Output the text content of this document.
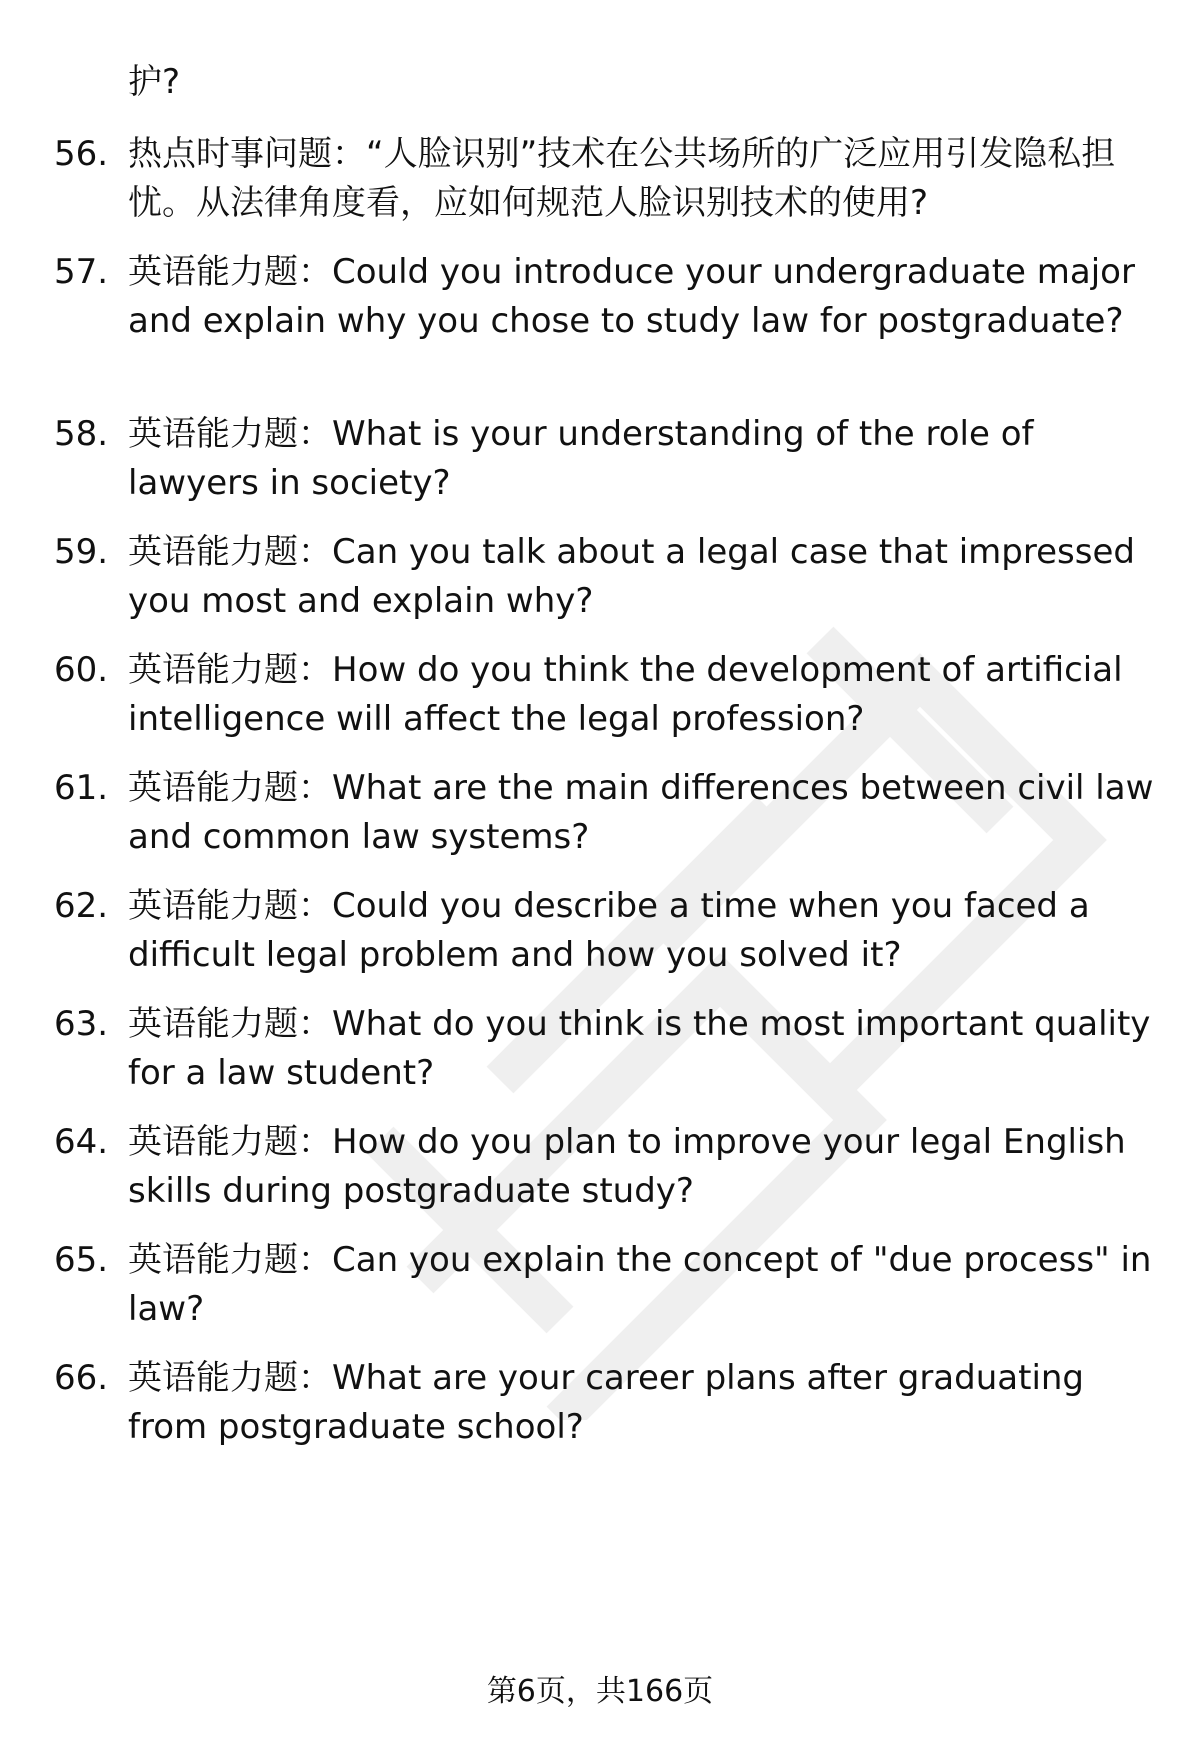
护?

56. 热点时事问题：“人脸识别”技术在公共场所的广泛应用引发隐私担忧。从法律角度看，应如何规范人脸识别技术的使用?

57. 英语能力题：Could you introduce your undergraduate major and explain why you chose to study law for postgraduate?

58. 英语能力题：What is your understanding of the role of lawyers in society?

59. 英语能力题：Can you talk about a legal case that impressed you most and explain why?

60. 英语能力题：How do you think the development of artificial intelligence will affect the legal profession?

61. 英语能力题：What are the main differences between civil law and common law systems?

62. 英语能力题：Could you describe a time when you faced a difficult legal problem and how you solved it?

63. 英语能力题：What do you think is the most important quality for a law student?

64. 英语能力题：How do you plan to improve your legal English skills during postgraduate study?

65. 英语能力题：Can you explain the concept of "due process" in law?

66. 英语能力题：What are your career plans after graduating from postgraduate school?

第6页，共166页
